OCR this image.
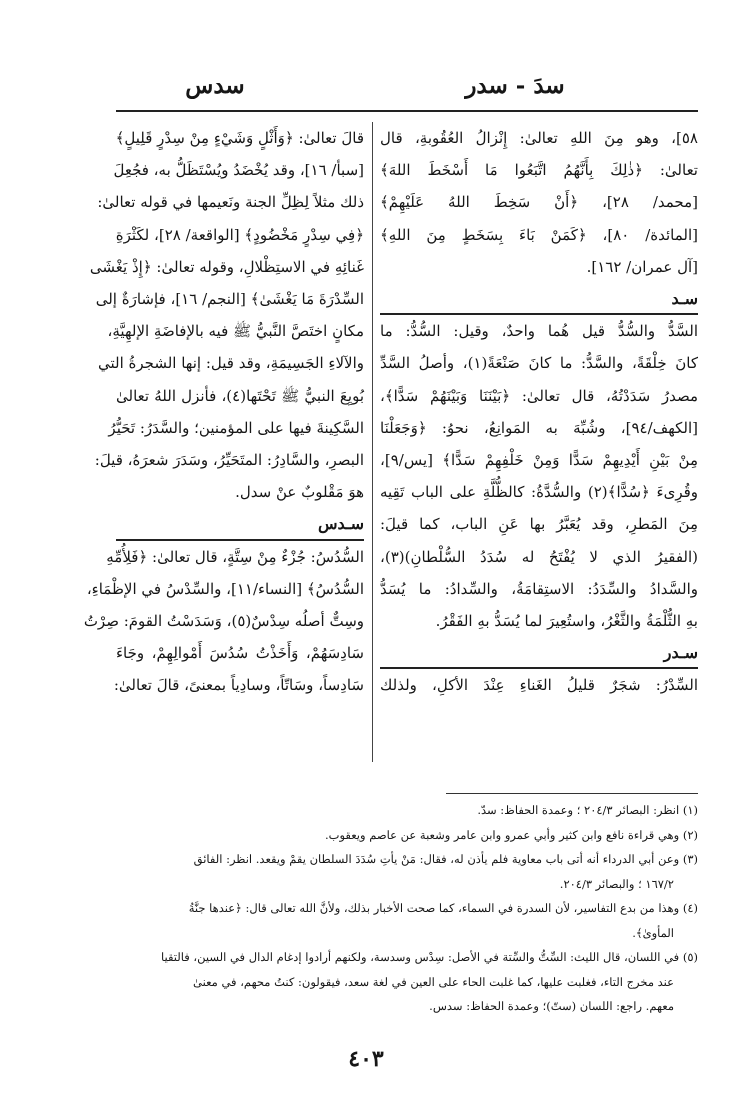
سدَ - سدر
سدس
٥٨]، وهو مِنَ اللهِ تعالىٰ: إِنْزالُ العُقُوبةِ، قال
تعالىٰ: ﴿ذٰلِكَ بِأَنَّهُمُ اتَّبَعُوا مَا أَسْخَطَ اللهَ﴾
[محمد/ ٢٨]، ﴿أَنْ سَخِطَ اللهُ عَلَيْهِمْ﴾
[المائدة/ ٨٠]، ﴿كَمَنْ بَاءَ بِسَخَطٍ مِنَ اللهِ﴾
[آل عمران/ ١٦٢].
سـد
السَّدُّ والسُّدُّ قيل هُما واحدٌ، وقيل: السُّدُّ: ما
كانَ خِلْقَةً، والسَّدُّ: ما كانَ صَنْعَةً(١)، وأصلُ السَّدِّ
مصدرُ سَدَدْتُهُ، قال تعالىٰ: ﴿بَيْنَنَا وَبَيْنَهُمْ سَدًّا﴾،
[الكهف/٩٤]، وشُبِّهَ به المَوانِعُ، نحوُ: ﴿وَجَعَلْنَا
مِنْ بَيْنِ أَيْدِيهِمْ سَدًّا وَمِنْ خَلْفِهِمْ سَدًّا﴾ [يس/٩]،
وقُرِىءَ ﴿سُدًّا﴾(٢) والسُّدَّةُ: كالظُّلَّةِ على الباب تَقِيه
مِنَ المَطرِ، وقد يُعَبَّرُ بها عَنِ الباب، كما قيلَ:
(الفقيرُ الذي لا يُفْتَحُ له سُدَدُ السُّلْطانِ)(٣)،
والسَّدادُ والسِّدَدُ: الاستِقامَةُ، والسِّدادُ: ما يُسَدُّ
بهِ الثُّلْمَةُ والثَّغْرُ، واستُعِيرَ لما يُسَدُّ بهِ الفَقْرُ.
سـدر
السِّدْرُ: شجَرٌ قليلُ الغَناءِ عِنْدَ الأكلِ، ولذلك
قالَ تعالىٰ: ﴿وَأَثْلٍ وَشَيْءٍ مِنْ سِدْرٍ قَلِيلٍ﴾
[سبأ/ ١٦]، وقد يُخْضَدُ ويُسْتَظَلُّ به، فجُعِلَ
ذلك مثلاً لِظِلِّ الجنة ونَعيمها في قوله تعالىٰ:
﴿فِي سِدْرٍ مَخْضُودٍ﴾ [الواقعة/ ٢٨]، لكَثْرَةِ
غَنائِهِ في الاستِظْلالِ، وقوله تعالىٰ: ﴿إِذْ يَغْشَى
السِّدْرَةَ مَا يَغْشَىٰ﴾ [النجم/ ١٦]، فإشارَةٌ إلى
مكانٍ اختَصَّ النَّبيُّ ﷺ فيه بالإفاضَةِ الإلهِيَّةِ،
والآلاءِ الجَسِيمَةِ، وقد قيل: إنها الشجرةُ التي
بُويِعَ النبيُّ ﷺ تَحْتَها(٤)، فأنزل اللهُ تعالىٰ
السَّكِينةَ فيها على المؤمنين؛ والسَّدَرُ: تَحَيُّرُ
البصرِ، والسَّادِرُ: المتَحَيِّرُ، وسَدَرَ شعرَهُ، قيلَ:
هوَ مَقْلوبٌ عنْ سدل.
سـدس
السُّدُسُ: جُزْءٌ مِنْ سِتَّةٍ، قال تعالىٰ: ﴿فَلِأُمِّهِ
السُّدُسُ﴾ [النساء/١١]، والسِّدْسُ في الإظْمَاءِ،
وسِتٌّ أصلُه سِدْسٌ(٥)، وَسَدَسْتُ القومَ: صِرْتُ
سَادِسَهُمْ، وَأَخَذْتُ سُدُسَ أَمْوالِهِمْ، وجَاءَ
سَادِساً، وسَاتّاً، وسادِياً بمعنىً، قالَ تعالىٰ:
(١) انظر: البصائر ٢٠٤/٣ ؛ وعمدة الحفاظ: سدّ.
(٢) وهي قراءة نافع وابن كثير وأبي عمرو وابن عامر وشعبة عن عاصم ويعقوب.
(٣) وعن أبي الدرداء أنه أتى باب معاوية فلم يأذن له، فقال: مَنْ يأتِ سُدَدَ السلطان يقمْ ويقعد. انظر: الفائق
١٦٧/٢ ؛ والبصائر ٢٠٤/٣.
(٤) وهذا من بدع التفاسير، لأن السدرة في السماء، كما صحت الأخبار بذلك، ولأنَّ الله تعالى قال: ﴿عندها جنَّةُ
المأوىٰ﴾.
(٥) في اللسان، قال الليث: السِّتُّ والسِّتة في الأصل: سِدْس وسدسة، ولكنهم أرادوا إدغام الدال في السين، فالتقيا
عند مخرج التاء، فغلبت عليها، كما غلبت الحاء على العين في لغة سعد، فيقولون: كنتُ محهم، في معنىٰ
معهم. راجع: اللسان (ستّ)؛ وعمدة الحفاظ: سدس.
٤٠٣
